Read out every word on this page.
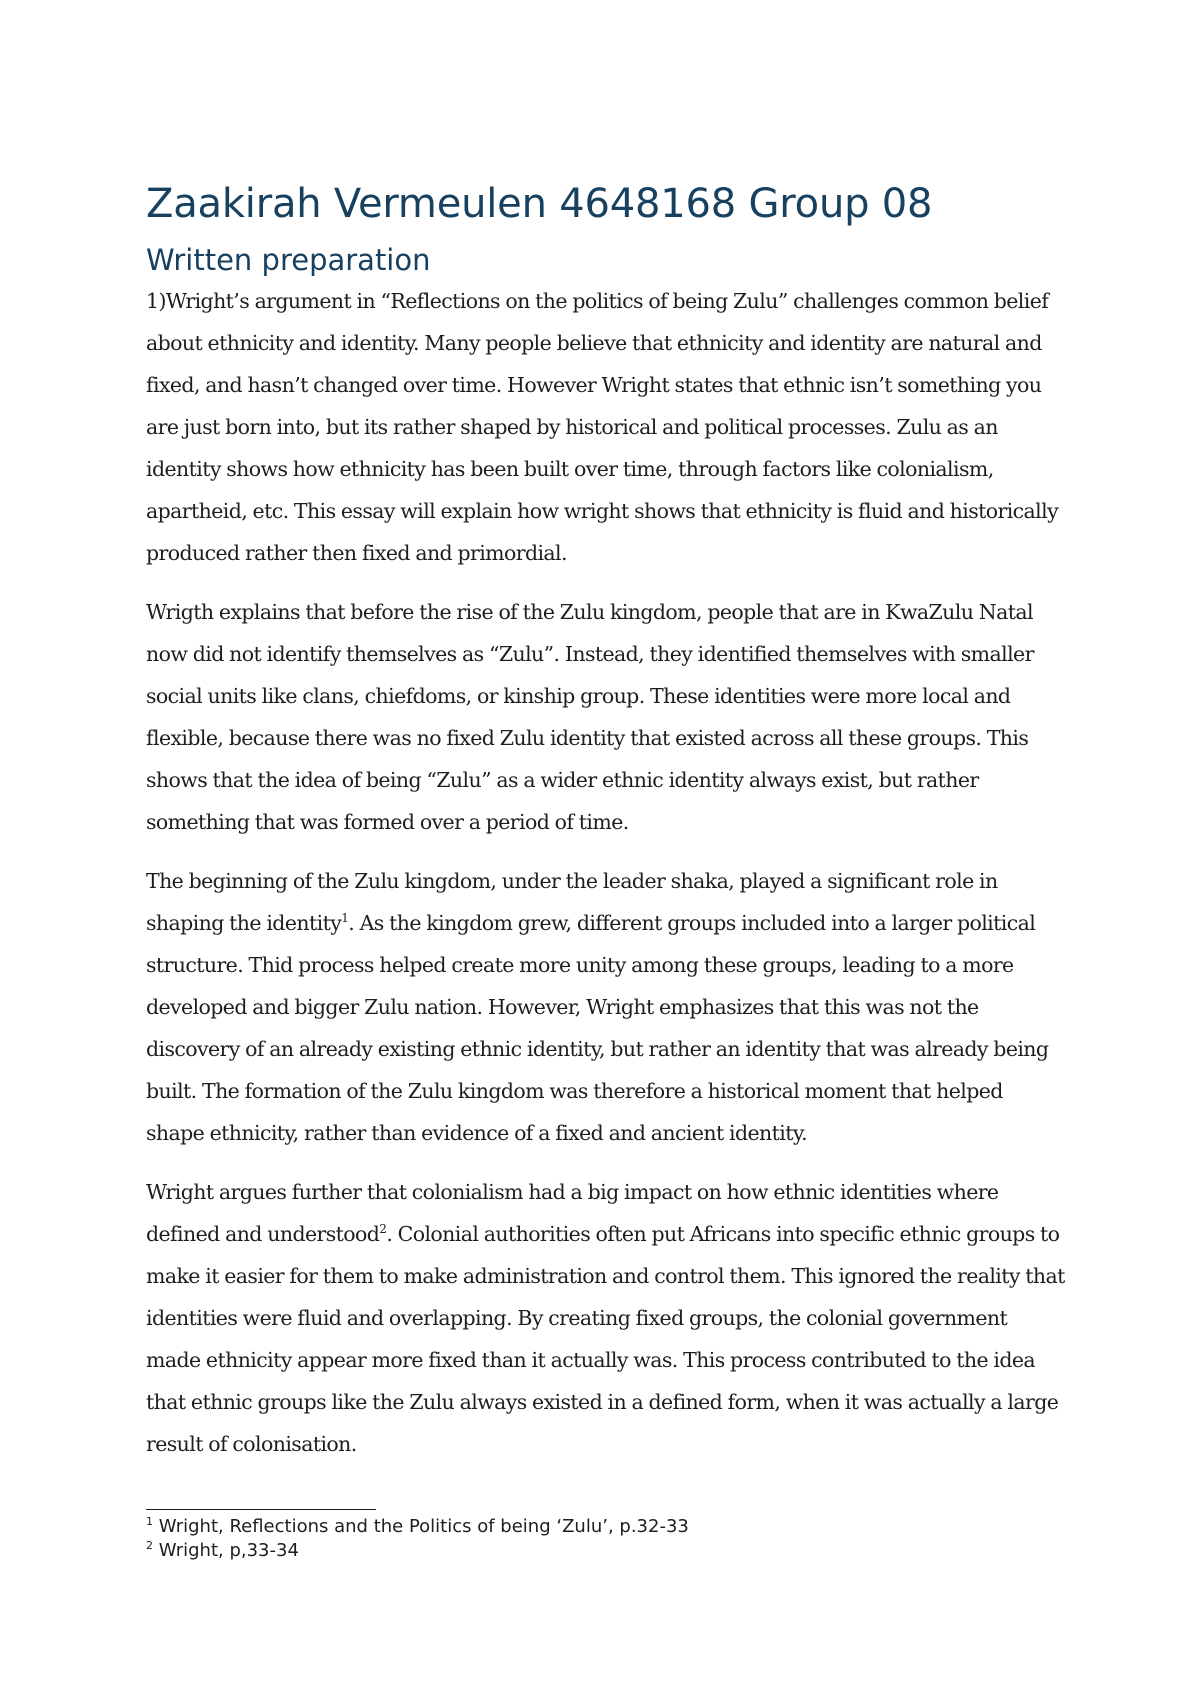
Zaakirah Vermeulen 4648168 Group 08
Written preparation

1)Wright’s argument in “Reflections on the politics of being Zulu” challenges common belief about ethnicity and identity. Many people believe that ethnicity and identity are natural and fixed, and hasn’t changed over time. However Wright states that ethnic isn’t something you are just born into, but its rather shaped by historical and political processes. Zulu as an identity shows how ethnicity has been built over time, through factors like colonialism, apartheid, etc. This essay will explain how wright shows that ethnicity is fluid and historically produced rather then fixed and primordial.

Wrigth explains that before the rise of the Zulu kingdom, people that are in KwaZulu Natal now did not identify themselves as “Zulu”. Instead, they identified themselves with smaller social units like clans, chiefdoms, or kinship group. These identities were more local and flexible, because there was no fixed Zulu identity that existed across all these groups. This shows that the idea of being “Zulu” as a wider ethnic identity always exist, but rather something that was formed over a period of time.

The beginning of the Zulu kingdom, under the leader shaka, played a significant role in shaping the identity$^1$. As the kingdom grew, different groups included into a larger political structure. Thid process helped create more unity among these groups, leading to a more developed and bigger Zulu nation. However, Wright emphasizes that this was not the discovery of an already existing ethnic identity, but rather an identity that was already being built. The formation of the Zulu kingdom was therefore a historical moment that helped shape ethnicity, rather than evidence of a fixed and ancient identity.

Wright argues further that colonialism had a big impact on how ethnic identities where defined and understood$^2$. Colonial authorities often put Africans into specific ethnic groups to make it easier for them to make administration and control them. This ignored the reality that identities were fluid and overlapping. By creating fixed groups, the colonial government made ethnicity appear more fixed than it actually was. This process contributed to the idea that ethnic groups like the Zulu always existed in a defined form, when it was actually a large result of colonisation.

$^1$ Wright, Reflections and the Politics of being ‘Zulu’, p.32-33
$^2$ Wright, p,33-34
